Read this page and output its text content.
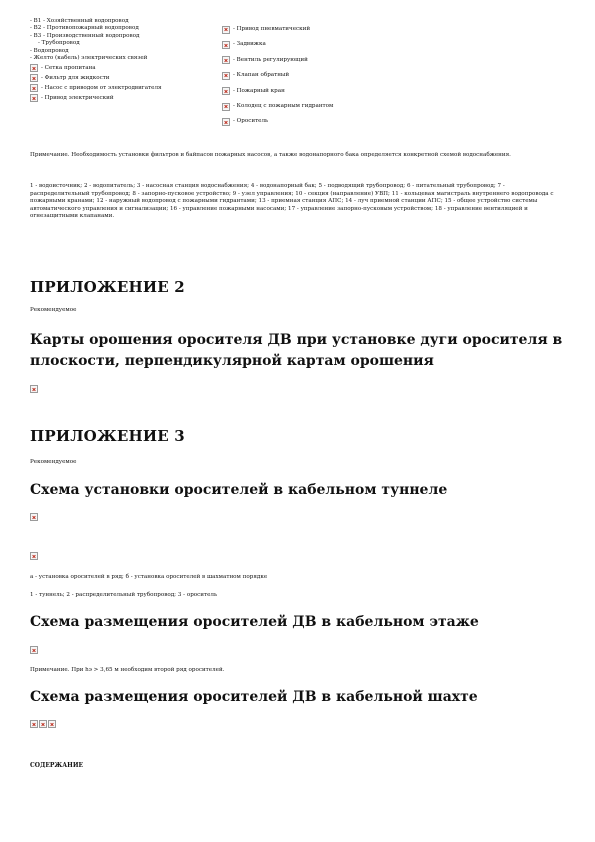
- В1 - Хозяйственный водопровод
- В2 - Противопожарный водопровод
- В3 - Производственный водопровод
- Трубопровод
- Водопровод
- Желто (кабель) электрических связей
- Сетка пропитана
- Фильтр для жидкости
- Насос с приводом от электродвигателя
- Привод электрический
- Привод пневматический
- Задвижка
- Вентиль регулирующий
- Клапан обратный
- Пожарный кран
- Колодец с пожарным гидрантом
- Ороситель
Примечание. Необходимость установки фильтров и байпасов пожарных насосов, а также водонапорного бака определяется конкретной схемой водоснабжения.
1 - водоисточник; 2 - водопитатель; 3 - насосная станция водоснабжения; 4 - водонапорный бак; 5 - подводящий трубопровод; 6 - питательный трубопровод; 7 - распределительный трубопровод; 8 - запорно-пусковое устройство; 9 - узел управления; 10 - секция (направление) УВП; 11 - кольцевая магистраль внутреннего водопровода с пожарными кранами; 12 - наружный водопровод с пожарными гидрантами; 13 - приемная станция АПС; 14 - луч приемной станции АПС; 15 - общее устройство системы автоматического управления и сигнализации; 16 - управление пожарными насосами; 17 - управление запорно-пусковым устройством; 18 - управление вентиляцией и огнезащитными клапанами.
ПРИЛОЖЕНИЕ 2
Рекомендуемое
Карты орошения оросителя ДВ при установке дуги оросителя в плоскости, перпендикулярной картам орошения
ПРИЛОЖЕНИЕ 3
Рекомендуемое
Схема установки оросителей в кабельном туннеле
а - установка оросителей в ряд; б - установка оросителей в шахматном порядке
1 - туннель; 2 - распределительный трубопровод; 3 - ороситель
Схема размещения оросителей ДВ в кабельном этаже
Примечание. При hэ > 3,65 м необходим второй ряд оросителей.
Схема размещения оросителей ДВ в кабельной шахте
СОДЕРЖАНИЕ
